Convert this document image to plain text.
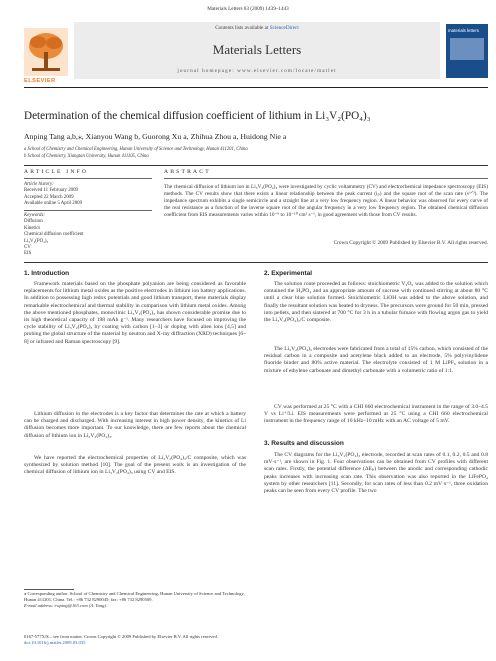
Materials Letters 63 (2009) 1439–1443
ELSEVIER
Contents lists available at ScienceDirect
Materials Letters
journal homepage: www.elsevier.com/locate/matlet
materials letters
Determination of the chemical diffusion coefficient of lithium in Li₃V₂(PO₄)₃
Anping Tang a,b,⁎, Xianyou Wang b, Guorong Xu a, Zhihua Zhou a, Huidong Nie a
a School of Chemistry and Chemical Engineering, Hunan University of Science and Technology, Hunan 411201, China
b School of Chemistry, Xiangtan University, Hunan 411105, China
ARTICLE INFO
Article history:
Received 11 February 2009
Accepted 22 March 2009
Available online 5 April 2009
Keywords:
Diffusion
Kinetics
Chemical diffusion coefficient
Li₃V₂(PO₄)₃
CV
EIS
ABSTRACT
The chemical diffusion of lithium ion in Li₃V₂(PO₄)₃ were investigated by cyclic voltammetry (CV) and electrochemical impedance spectroscopy (EIS) methods. The CV results show that there exists a linear relationship between the peak current (iₚ) and the square root of the scan rate (ν¹ᐟ²). The impedance spectrum exhibits a single semicircle and a straight line at a very low frequency region. A linear behavior was observed for every curve of the real resistance as a function of the inverse square root of the angular frequency in a very low frequency region. The obtained chemical diffusion coefficient from EIS measurements varies within 10⁻⁹ to 10⁻¹⁰ cm² s⁻¹, in good agreement with those from CV results.
Crown Copyright © 2009 Published by Elsevier B.V. All rights reserved.
1. Introduction
Framework materials based on the phosphate polyanion are being considered as favorable replacements for lithium metal oxides as the positive electrodes in lithium ion battery applications. In addition to possessing high redox potentials and good lithium transport, these materials display remarkable electrochemical and thermal stability in comparison with lithium metal oxides. Among the above mentioned phosphates, monoclinic Li₃V₂(PO₄)₃ has shown considerable promise due to its high theoretical capacity of 198 mAh g⁻¹. Many researchers have focused on improving the cycle stability of Li₃V₂(PO₄)₃ by coating with carbon [1–3] or doping with alien ions [4,5] and probing the global structure of the material by neutron and X-ray diffraction (XRD) techniques [6–8] or infrared and Raman spectroscopy [9].
Lithium diffusion in the electrodes is a key factor that determines the rate at which a battery can be charged and discharged. With increasing interest in high power density, the kinetics of Li diffusion becomes more important. To our knowledge, there are few reports about the chemical diffusion of lithium ion in Li₃V₂(PO₄)₃.
We have reported the electrochemical properties of Li₃V₂(PO₄)₃/C composite, which was synthesized by solution method [10]. The goal of the present work is an investigation of the chemical diffusion of lithium ion in Li₃V₂(PO₄)₃ using CV and EIS.
⁎ Corresponding author. School of Chemistry and Chemical Engineering, Hunan University of Science and Technology, Hunan 411201, China. Tel.: +86 732 8290045; fax: +86 732 8290509.
E-mail address: t-aping@163.com (A. Tang).
2. Experimental
The solution route proceeded as follows: stoichiometric V₂O₅ was added to the solution which contained the H₃PO₄ and an appropriate amount of sucrose with continued stirring at about 80 °C until a clear blue solution formed. Stoichiometric LiOH was added to the above solution, and finally the resultant solution was heated to dryness. The precursors were ground for 50 min, pressed into pellets, and then sintered at 700 °C for 3 h in a tubular furnace with flowing argon gas to yield the Li₃V₂(PO₄)₃/C composite.
The Li₃V₂(PO₄)₃ electrodes were fabricated from a total of 15% carbon, which consisted of the residual carbon in a composite and acetylene black added to an electrode, 5% polyvinylidene fluoride binder and 80% active material. The electrolyte consisted of 1 M LiPF₆ solution in a mixture of ethylene carbonate and dimethyl carbonate with a volumetric ratio of 1:1.
CV was performed at 25 °C with a CHI 660 electrochemical instrument in the range of 3.0–4.5 V vs Li⁺/Li. EIS measurements were performed at 25 °C using a CHI 660 electrochemical instrument in the frequency range of 10 kHz–10 mHz with an AC voltage of 5 mV.
3. Results and discussion
The CV diagrams for the Li₃V₂(PO₄)₃ electrode, recorded at scan rates of 0.1, 0.2, 0.5 and 0.8 mV·s⁻¹, are shown in Fig. 1. Four observations can be obtained from CV profiles with different scan rates. Firstly, the potential difference (ΔEₚ) between the anodic and corresponding cathodic peaks increases with increasing scan rate. This observation was also reported in the LiFePO₄ system by other researchers [11]. Secondly, for scan rates of less than 0.2 mV·s⁻¹, three oxidation peaks can be seen from every CV profile. The two
0167-577X/$ – see front matter. Crown Copyright © 2009 Published by Elsevier B.V. All rights reserved.
doi:10.1016/j.matlet.2009.03.035
